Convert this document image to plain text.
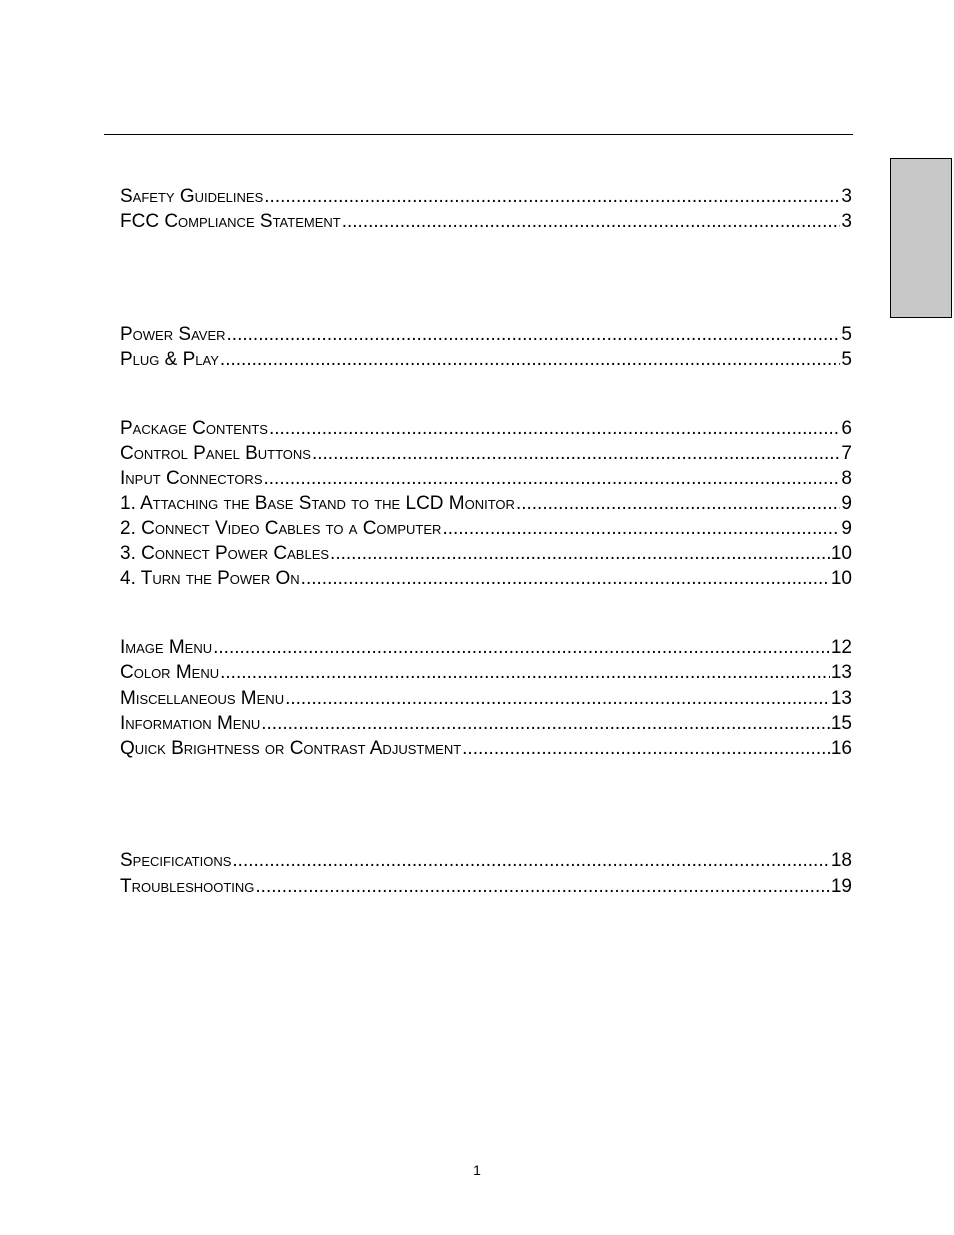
Safety Guidelines .....	3
FCC Compliance Statement .....	3
Power Saver .....	5
Plug & Play .....	5
Package Contents .....	6
Control Panel Buttons .....	7
Input Connectors .....	8
1. Attaching the Base Stand to the LCD Monitor .....	9
2. Connect Video Cables to a Computer .....	9
3. Connect Power Cables .....	10
4. Turn the Power On .....	10
Image Menu .....	12
Color Menu .....	13
Miscellaneous Menu .....	13
Information Menu .....	15
Quick Brightness or Contrast Adjustment .....	16
Specifications .....	18
Troubleshooting .....	19
1
